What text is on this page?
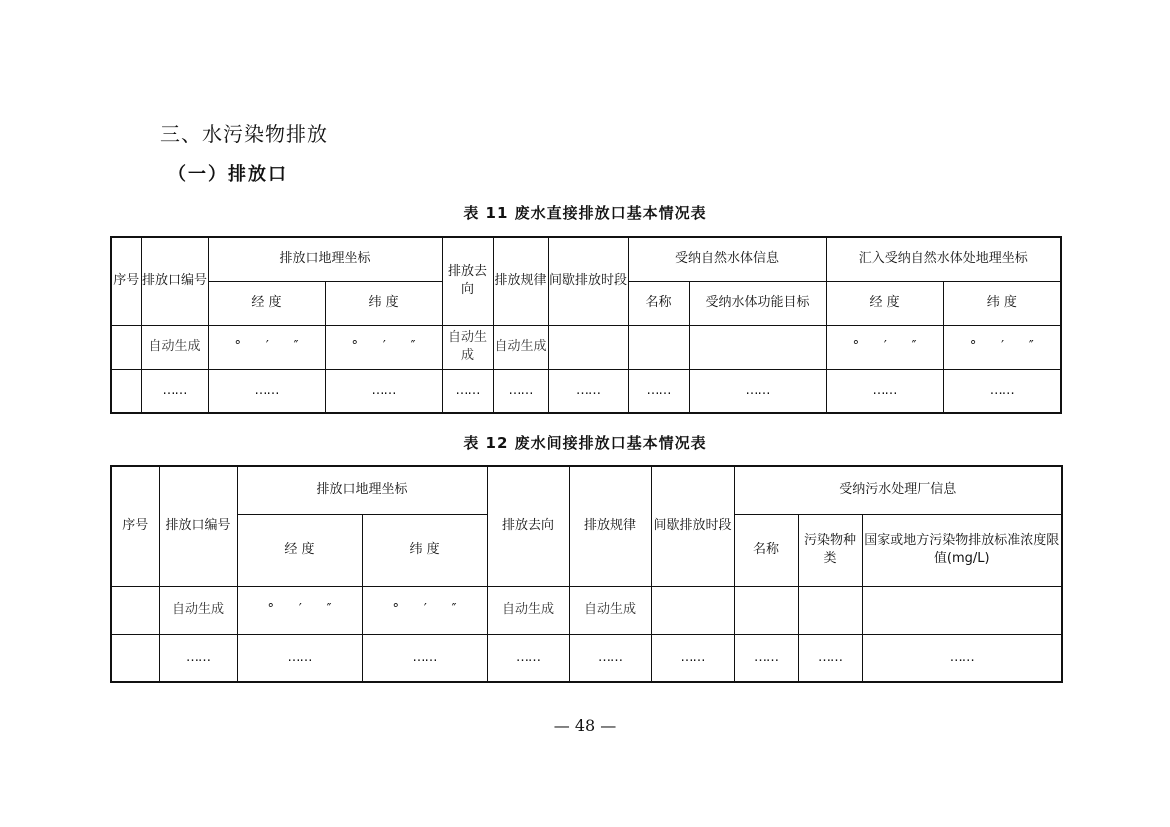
三、水污染物排放
（一）排放口
表 11 废水直接排放口基本情况表
序号	排放口编号	排放口地理坐标		排放去向	排放规律	间歇排放时段	受纳自然水体信息		汇入受纳自然水体处地理坐标	
		经 度	纬 度				名称	受纳水体功能目标	经 度	纬 度
	自动生成	°      ′      ″	°      ′      ″	自动生成	自动生成				°      ′      ″	°      ′      ″
	……	……	……	……	……	……	……	……	……	……
表 12 废水间接排放口基本情况表
序号	排放口编号	排放口地理坐标		排放去向	排放规律	间歇排放时段	受纳污水处理厂信息		
		经 度	纬 度				名称	污染物种类	国家或地方污染物排放标准浓度限值(mg/L)
	自动生成	°      ′      ″	°      ′      ″	自动生成	自动生成				
	……	……	……	……	……	……	……	……	……
— 48 —
